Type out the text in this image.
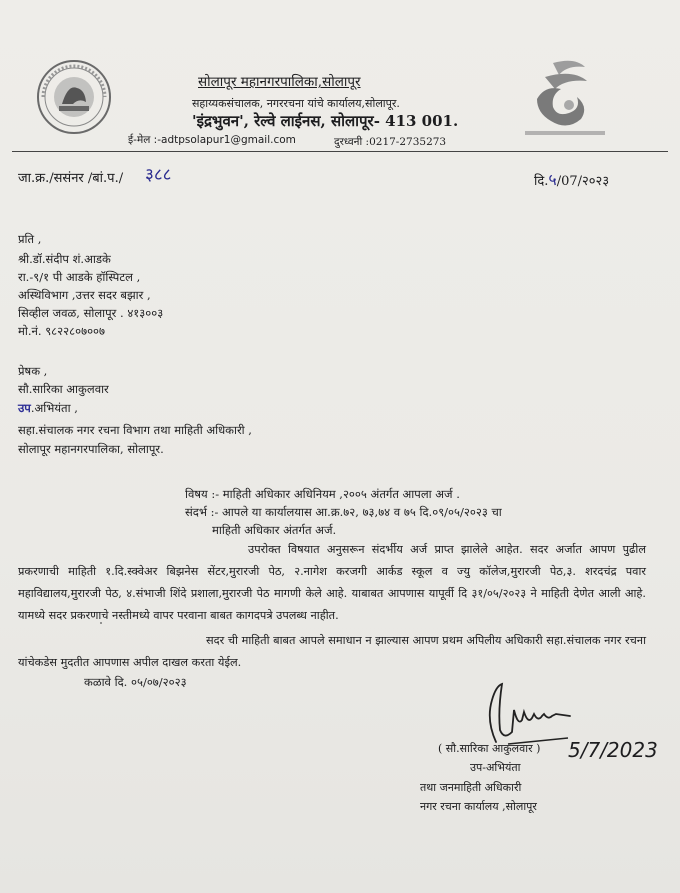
सोलापूर महानगरपालिका,सोलापूर
सहाय्यकसंचालक, नगररचना यांचे कार्यालय,सोलापूर.
'इंद्रभुवन', रेल्वे लाईनस, सोलापूर- 413 001.
ई-मेल :-adtpsolapur1@gmail.com	दुरध्वनी :0217-2735273
जा.क्र./ससंनर /बां.प./ ३८८	दि.५/07/२०२३
प्रति ,
श्री.डॉ.संदीप शं.आडके
रा.-९/१ पी आडके हॉस्पिटल ,
अस्थिविभाग ,उत्तर सदर बझार ,
सिव्हील जवळ, सोलापूर . ४१३००३
मो.नं. ९८२२८०७००७
प्रेषक ,
सौ.सारिका आकुलवार
उप.अभियंता ,
सहा.संचालक नगर रचना विभाग तथा माहिती अधिकारी ,
सोलापूर महानगरपालिका, सोलापूर.
विषय :- माहिती अधिकार अधिनियम ,२००५ अंतर्गत आपला अर्ज .
संदर्भ :- आपले या कार्यालयास आ.क्र.७२, ७३,७४ व ७५ दि.०९/०५/२०२३ चा
माहिती अधिकार अंतर्गत अर्ज.
उपरोक्त विषयात अनुसरून संदर्भीय अर्ज प्राप्त झालेले आहेत. सदर अर्जात आपण पुढील प्रकरणाची माहिती १.दि.स्क्वेअर बिझनेस सेंटर,मुरारजी पेठ, २.नागेश करजगी आर्कड स्कूल व ज्यु कॉलेज,मुरारजी पेठ,३. शरदचंद्र पवार महाविद्यालय,मुरारजी पेठ, ४.संभाजी शिंदे प्रशाला,मुरारजी पेठ मागणी केले आहे. याबाबत आपणास यापूर्वी दि ३१/०५/२०२३ ने माहिती देणेत आली आहे. यामध्ये सदर प्रकरणाचे नस्तीमध्ये वापर परवाना बाबत कागदपत्रे उपलब्ध नाहीत.
सदर ची माहिती बाबत आपले समाधान न झाल्यास आपण प्रथम अपिलीय अधिकारी सहा.संचालक नगर रचना यांचेकडेस मुदतीत आपणास अपील दाखल करता येईल.
कळावे दि. ०५/०७/२०२३
( सौ.सारिका आकुलवार ) 5/7/2023
उप-अभियंता
तथा जनमाहिती अधिकारी
नगर रचना कार्यालय ,सोलापूर
